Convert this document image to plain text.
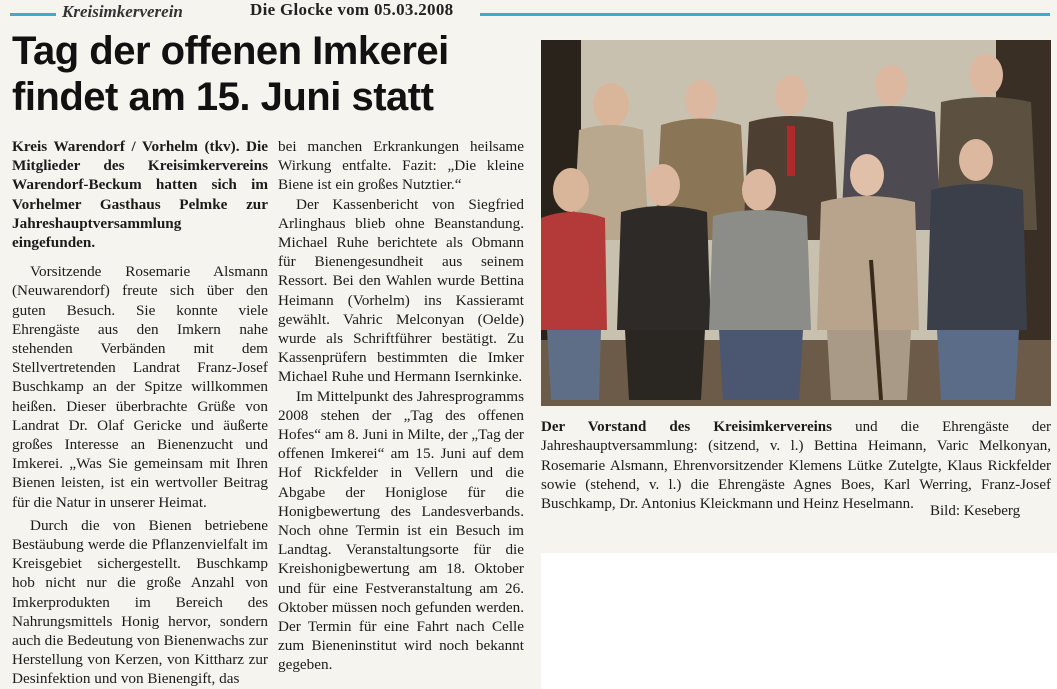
Kreisimkerverein	Die Glocke vom 05.03.2008
Tag der offenen Imkerei findet am 15. Juni statt

Kreis Warendorf / Vorhelm (tkv). Die Mitglieder des Kreisimkervereins Warendorf-Beckum hatten sich im Vorhelmer Gasthaus Pelmke zur Jahreshauptversammlung eingefunden.

Vorsitzende Rosemarie Alsmann (Neuwarendorf) freute sich über den guten Besuch. Sie konnte viele Ehrengäste aus den Imkern nahe stehenden Verbänden mit dem Stellvertretenden Landrat Franz-Josef Buschkamp an der Spitze willkommen heißen. Dieser überbrachte Grüße von Landrat Dr. Olaf Gericke und äußerte großes Interesse an Bienenzucht und Imkerei. „Was Sie gemeinsam mit Ihren Bienen leisten, ist ein wertvoller Beitrag für die Natur in unserer Heimat.

Durch die von Bienen betriebene Bestäubung werde die Pflanzenvielfalt im Kreisgebiet sichergestellt. Buschkamp hob nicht nur die große Anzahl von Imkerprodukten im Bereich des Nahrungsmittels Honig hervor, sondern auch die Bedeutung von Bienenwachs zur Herstellung von Kerzen, von Kittharz zur Desinfektion und von Bienengift, das

bei manchen Erkrankungen heilsame Wirkung entfalte. Fazit: „Die kleine Biene ist ein großes Nutztier.“

Der Kassenbericht von Siegfried Arlinghaus blieb ohne Beanstandung. Michael Ruhe berichtete als Obmann für Bienengesundheit aus seinem Ressort. Bei den Wahlen wurde Bettina Heimann (Vorhelm) ins Kassieramt gewählt. Vahric Melconyan (Oelde) wurde als Schriftführer bestätigt. Zu Kassenprüfern bestimmten die Imker Michael Ruhe und Hermann Isernkinke.

Im Mittelpunkt des Jahresprogramms 2008 stehen der „Tag des offenen Hofes“ am 8. Juni in Milte, der „Tag der offenen Imkerei“ am 15. Juni auf dem Hof Rickfelder in Vellern und die Abgabe der Honiglose für die Honigbewertung des Landesverbands. Noch ohne Termin ist ein Besuch im Landtag. Veranstaltungsorte für die Kreishonigbewertung am 18. Oktober und für eine Festveranstaltung am 26. Oktober müssen noch gefunden werden. Der Termin für eine Fahrt nach Celle zum Bieneninstitut wird noch bekannt gegeben.

Der Vorstand des Kreisimkervereins und die Ehrengäste der Jahreshauptversammlung: (sitzend, v. l.) Bettina Heimann, Varic Melkonyan, Rosemarie Alsmann, Ehrenvorsitzender Klemens Lütke Zutelgte, Klaus Rickfelder sowie (stehend, v. l.) die Ehrengäste Agnes Boes, Karl Werring, Franz-Josef Buschkamp, Dr. Antonius Kleickmann und Heinz Heselmann.	Bild: Keseberg
